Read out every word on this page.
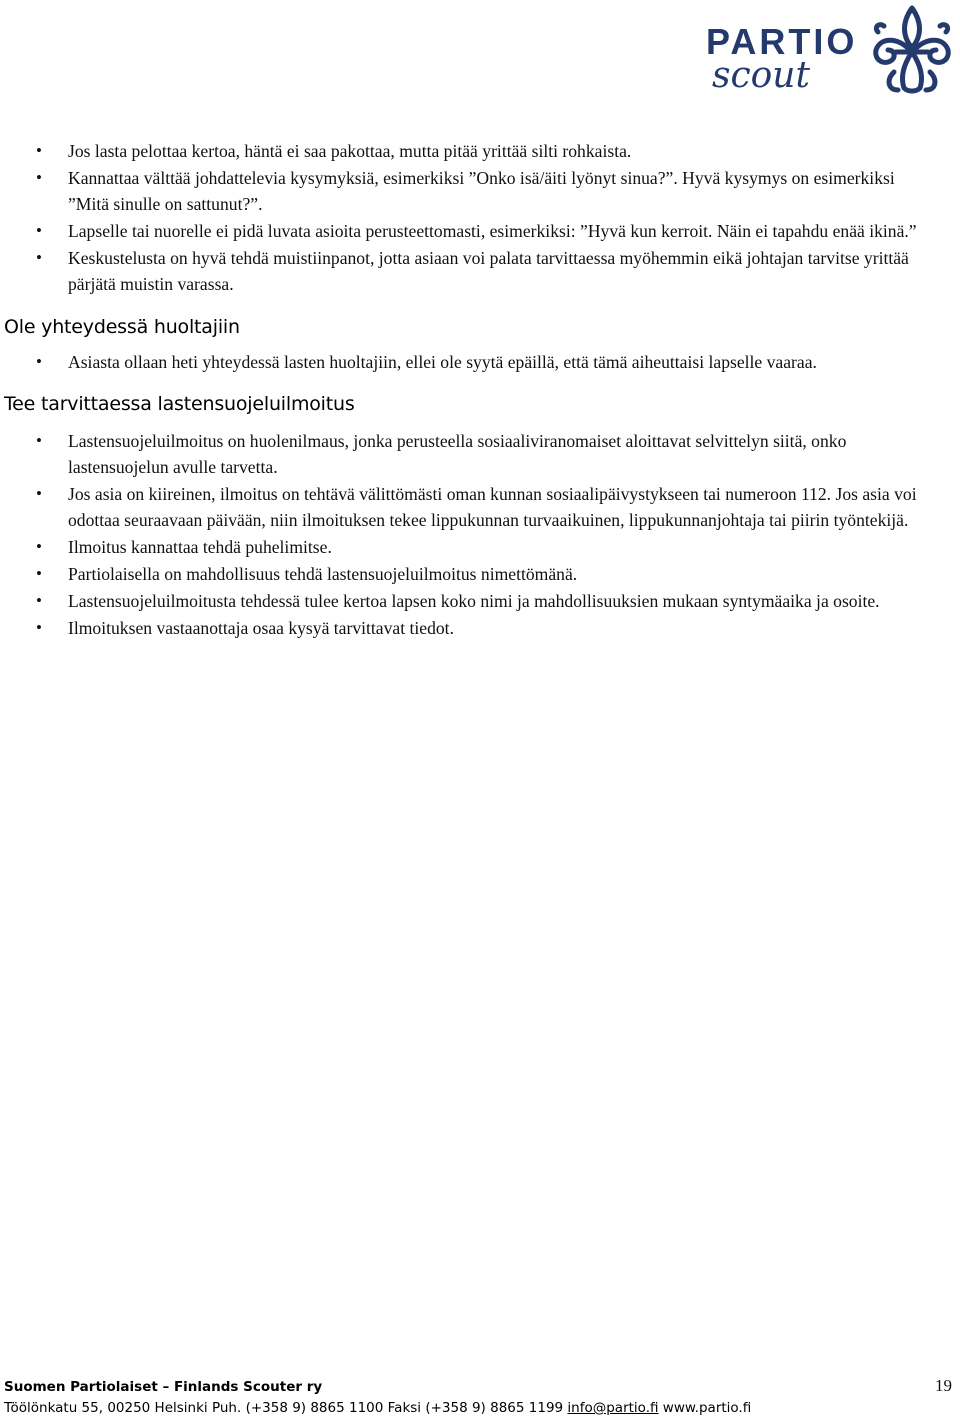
PARTIO
scout
• Jos lasta pelottaa kertoa, häntä ei saa pakottaa, mutta pitää yrittää silti rohkaista.
• Kannattaa välttää johdattelevia kysymyksiä, esimerkiksi ”Onko isä/äiti lyönyt sinua?”. Hyvä kysymys on esimerkiksi ”Mitä sinulle on sattunut?”.
• Lapselle tai nuorelle ei pidä luvata asioita perusteettomasti, esimerkiksi: ”Hyvä kun kerroit. Näin ei tapahdu enää ikinä.”
• Keskustelusta on hyvä tehdä muistiinpanot, jotta asiaan voi palata tarvittaessa myöhemmin eikä johtajan tarvitse yrittää pärjätä muistin varassa.
Ole yhteydessä huoltajiin
• Asiasta ollaan heti yhteydessä lasten huoltajiin, ellei ole syytä epäillä, että tämä aiheuttaisi lapselle vaaraa.
Tee tarvittaessa lastensuojeluilmoitus
• Lastensuojeluilmoitus on huolenilmaus, jonka perusteella sosiaaliviranomaiset aloittavat selvittelyn siitä, onko lastensuojelun avulle tarvetta.
• Jos asia on kiireinen, ilmoitus on tehtävä välittömästi oman kunnan sosiaalipäivystykseen tai numeroon 112. Jos asia voi odottaa seuraavaan päivään, niin ilmoituksen tekee lippukunnan turvaaikuinen, lippukunnanjohtaja tai piirin työntekijä.
• Ilmoitus kannattaa tehdä puhelimitse.
• Partiolaisella on mahdollisuus tehdä lastensuojeluilmoitus nimettömänä.
• Lastensuojeluilmoitusta tehdessä tulee kertoa lapsen koko nimi ja mahdollisuuksien mukaan syntymäaika ja osoite.
• Ilmoituksen vastaanottaja osaa kysyä tarvittavat tiedot.
Suomen Partiolaiset – Finlands Scouter ry
Töölönkatu 55, 00250 Helsinki Puh. (+358 9) 8865 1100 Faksi (+358 9) 8865 1199 info@partio.fi www.partio.fi
19
